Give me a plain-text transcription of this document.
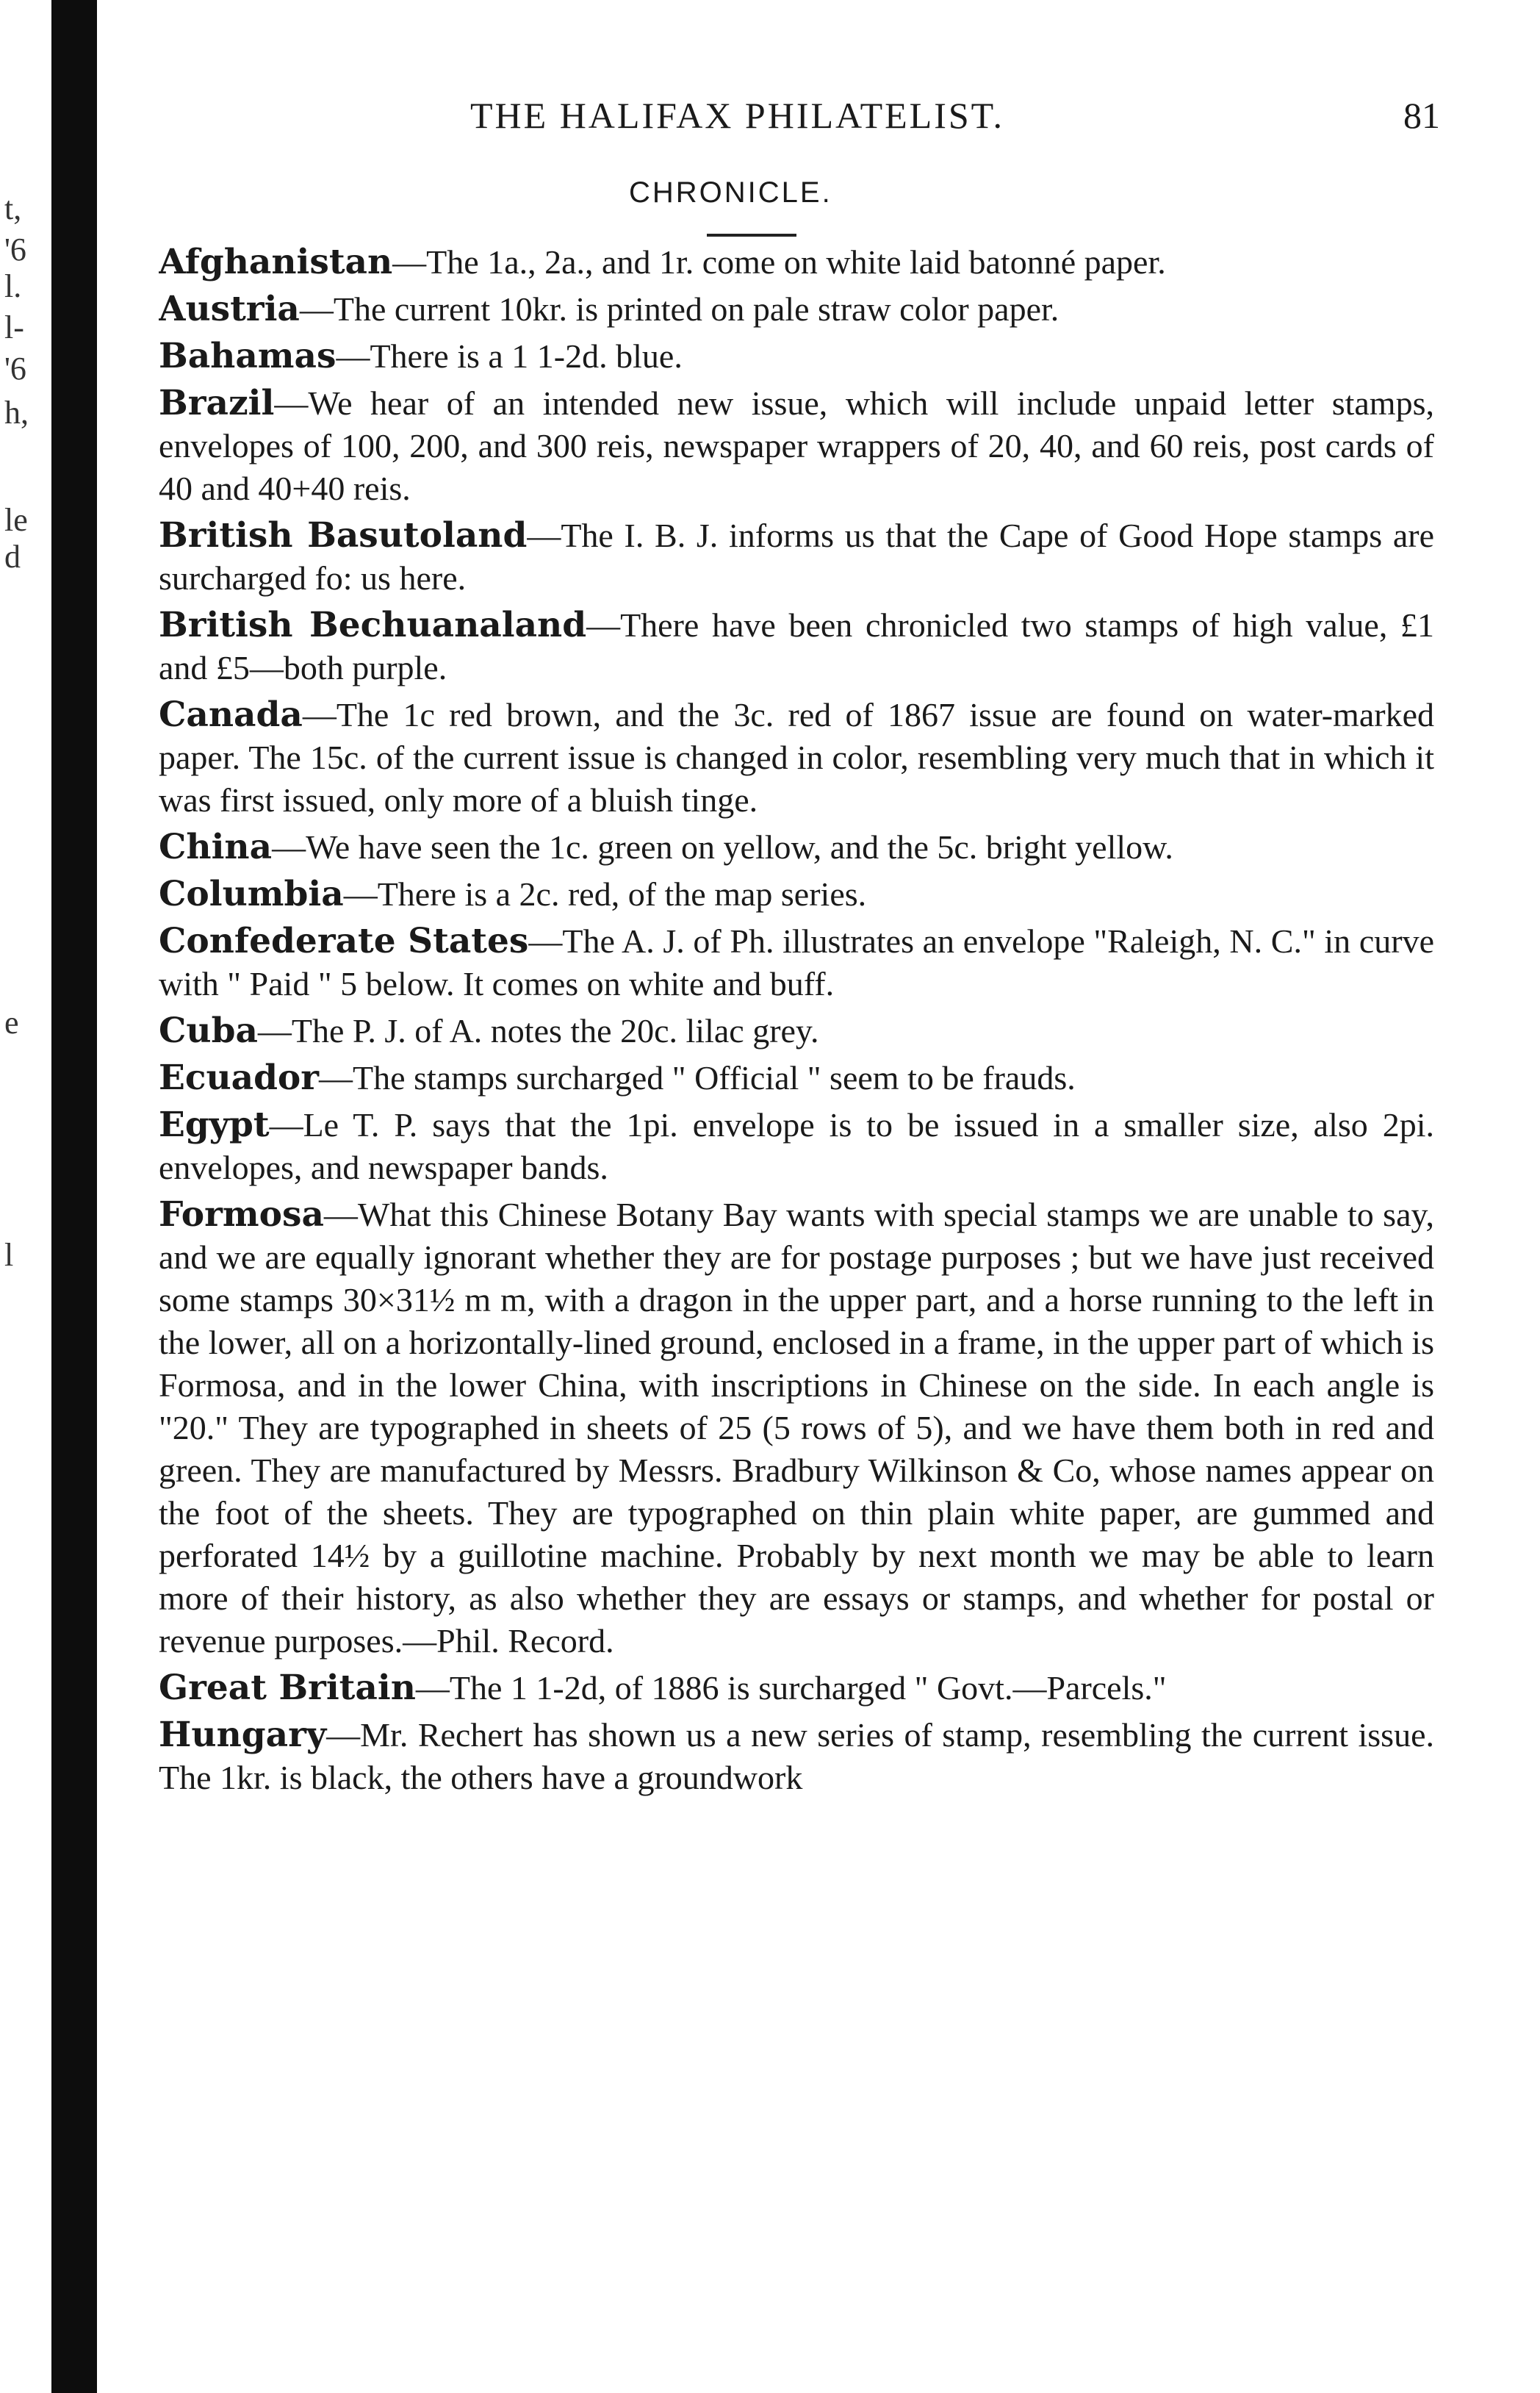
t,
'6
l.
l-
'6
h,
le
d
e
l
THE HALIFAX PHILATELIST.	81
CHRONICLE.

Afghanistan—The 1a., 2a., and 1r. come on white laid batonné paper.

Austria—The current 10kr. is printed on pale straw color paper.

Bahamas—There is a 1 1-2d. blue.

Brazil—We hear of an intended new issue, which will include unpaid letter stamps, envelopes of 100, 200, and 300 reis, newspaper wrappers of 20, 40, and 60 reis, post cards of 40 and 40+40 reis.

British Basutoland—The I. B. J. informs us that the Cape of Good Hope stamps are surcharged fo: us here.

British Bechuanaland—There have been chronicled two stamps of high value, £1 and £5—both purple.

Canada—The 1c red brown, and the 3c. red of 1867 issue are found on water-marked paper. The 15c. of the current issue is changed in color, resembling very much that in which it was first issued, only more of a bluish tinge.

China—We have seen the 1c. green on yellow, and the 5c. bright yellow.

Columbia—There is a 2c. red, of the map series.

Confederate States—The A. J. of Ph. illustrates an envelope "Raleigh, N. C." in curve with " Paid " 5 below. It comes on white and buff.

Cuba—The P. J. of A. notes the 20c. lilac grey.

Ecuador—The stamps surcharged " Official " seem to be frauds.

Egypt—Le T. P. says that the 1pi. envelope is to be issued in a smaller size, also 2pi. envelopes, and newspaper bands.

Formosa—What this Chinese Botany Bay wants with special stamps we are unable to say, and we are equally ignorant whether they are for postage purposes ; but we have just received some stamps 30×31½ m m, with a dragon in the upper part, and a horse running to the left in the lower, all on a horizontally-lined ground, enclosed in a frame, in the upper part of which is Formosa, and in the lower China, with inscriptions in Chinese on the side. In each angle is "20." They are typographed in sheets of 25 (5 rows of 5), and we have them both in red and green. They are manufactured by Messrs. Bradbury Wilkinson & Co, whose names appear on the foot of the sheets. They are typographed on thin plain white paper, are gummed and perforated 14½ by a guillotine machine. Probably by next month we may be able to learn more of their history, as also whether they are essays or stamps, and whether for postal or revenue purposes.—Phil. Record.

Great Britain—The 1 1-2d, of 1886 is surcharged " Govt.—Parcels."

Hungary—Mr. Rechert has shown us a new series of stamp, resembling the current issue. The 1kr. is black, the others have a groundwork
